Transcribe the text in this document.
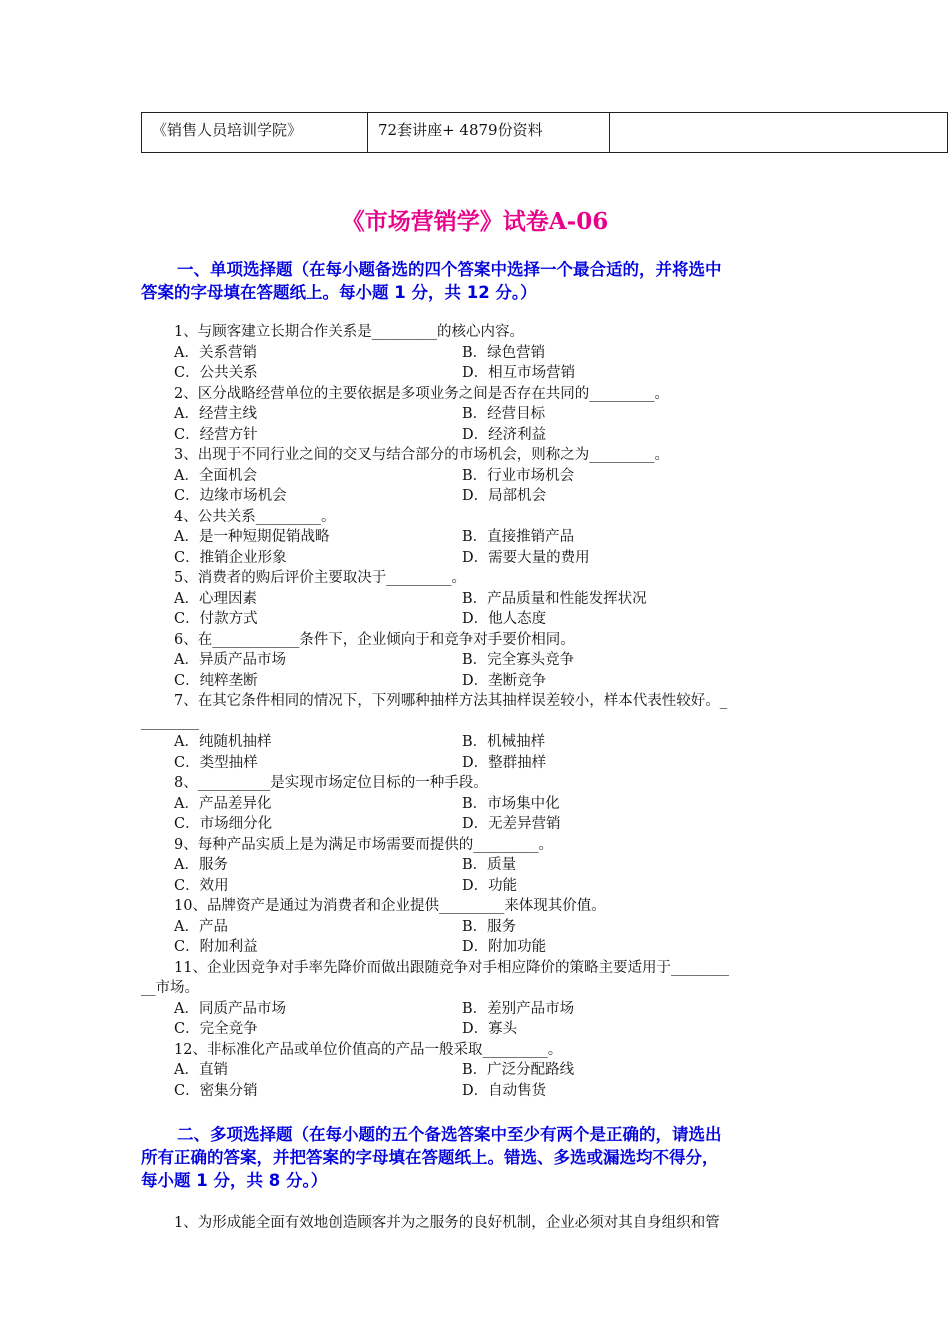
《销售人员培训学院》	72套讲座+ 4879份资料	
《市场营销学》试卷A-06
一、单项选择题（在每小题备选的四个答案中选择一个最合适的，并将选中
答案的字母填在答题纸上。每小题 1 分，共 12 分。）
1、与顾客建立长期合作关系是_________的核心内容。
A．关系营销	B．绿色营销
C．公共关系	D．相互市场营销
2、区分战略经营单位的主要依据是多项业务之间是否存在共同的_________。
A．经营主线	B．经营目标
C．经营方针	D．经济利益
3、出现于不同行业之间的交叉与结合部分的市场机会，则称之为_________。
A．全面机会	B．行业市场机会
C．边缘市场机会	D．局部机会
4、公共关系_________。
A．是一种短期促销战略	B．直接推销产品
C．推销企业形象	D．需要大量的费用
5、消费者的购后评价主要取决于_________。
A．心理因素	B．产品质量和性能发挥状况
C．付款方式	D．他人态度
6、在____________条件下，企业倾向于和竞争对手要价相同。
A．异质产品市场	B．完全寡头竞争
C．纯粹垄断	D．垄断竞争
7、在其它条件相同的情况下，下列哪种抽样方法其抽样误差较小，样本代表性较好。_
________
A．纯随机抽样	B．机械抽样
C．类型抽样	D．整群抽样
8、__________是实现市场定位目标的一种手段。
A．产品差异化	B．市场集中化
C．市场细分化	D．无差异营销
9、每种产品实质上是为满足市场需要而提供的_________。
A．服务	B．质量
C．效用	D．功能
10、品牌资产是通过为消费者和企业提供_________来体现其价值。
A．产品	B．服务
C．附加利益	D．附加功能
11、企业因竞争对手率先降价而做出跟随竞争对手相应降价的策略主要适用于________
__市场。
A．同质产品市场	B．差别产品市场
C．完全竞争	D．寡头
12、非标准化产品或单位价值高的产品一般采取_________。
A．直销	B．广泛分配路线
C．密集分销	D．自动售货
二、多项选择题（在每小题的五个备选答案中至少有两个是正确的，请选出
所有正确的答案，并把答案的字母填在答题纸上。错选、多选或漏选均不得分，
每小题 1 分，共 8 分。）
1、为形成能全面有效地创造顾客并为之服务的良好机制，企业必须对其自身组织和管
